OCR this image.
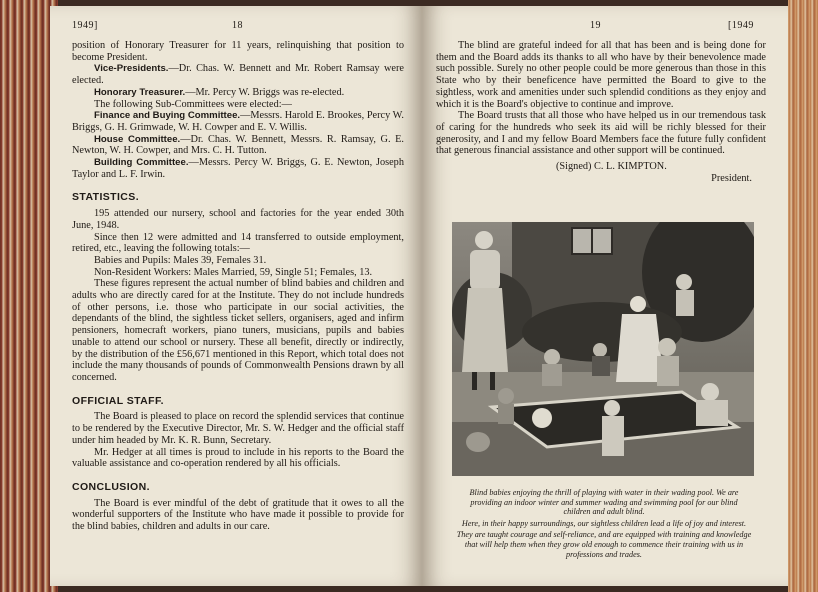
1949]	18

position of Honorary Treasurer for 11 years, relinquishing that position to become President.

Vice-Presidents.—Dr. Chas. W. Bennett and Mr. Robert Ramsay were elected.

Honorary Treasurer.—Mr. Percy W. Briggs was re-elected.

The following Sub-Committees were elected:—

Finance and Buying Committee.—Messrs. Harold E. Brookes, Percy W. Briggs, G. H. Grimwade, W. H. Cowper and E. V. Willis.

House Committee.—Dr. Chas. W. Bennett, Messrs. R. Ramsay, G. E. Newton, W. H. Cowper, and Mrs. C. H. Tutton.

Building Committee.—Messrs. Percy W. Briggs, G. E. Newton, Joseph Taylor and L. F. Irwin.

STATISTICS.

195 attended our nursery, school and factories for the year ended 30th June, 1948.

Since then 12 were admitted and 14 transferred to outside employment, retired, etc., leaving the following totals:—

Babies and Pupils: Males 39, Females 31.

Non-Resident Workers: Males Married, 59, Single 51; Females, 13.

These figures represent the actual number of blind babies and children and adults who are directly cared for at the Institute. They do not include hundreds of other persons, i.e. those who participate in our social activities, the dependants of the blind, the sightless ticket sellers, organisers, aged and infirm pensioners, homecraft workers, piano tuners, musicians, pupils and babies unable to attend our school or nursery. These all benefit, directly or indirectly, by the distribution of the £56,671 mentioned in this Report, which total does not include the many thousands of pounds of Commonwealth Pensions drawn by all concerned.

OFFICIAL STAFF.

The Board is pleased to place on record the splendid services that continue to be rendered by the Executive Director, Mr. S. W. Hedger and the official staff under him headed by Mr. K. R. Bunn, Secretary.

Mr. Hedger at all times is proud to include in his reports to the Board the valuable assistance and co-operation rendered by all his officials.

CONCLUSION.

The Board is ever mindful of the debt of gratitude that it owes to all the wonderful supporters of the Institute who have made it possible to provide for the blind babies, children and adults in our care.

19	[1949

The blind are grateful indeed for all that has been and is being done for them and the Board adds its thanks to all who have by their benevolence made such possible. Surely no other people could be more generous than those in this State who by their beneficence have permitted the Board to give to the sightless, work and amenities under such splendid conditions as they enjoy and which it is the Board's objective to continue and improve.

The Board trusts that all those who have helped us in our tremendous task of caring for the hundreds who seek its aid will be richly blessed for their generosity, and I and my fellow Board Members face the future fully confident that generous financial assistance and other support will be continued.

(Signed) C. L. KIMPTON.

President.

Blind babies enjoying the thrill of playing with water in their wading pool. We are providing an indoor winter and summer wading and swimming pool for our blind children and adult blind.

Here, in their happy surroundings, our sightless children lead a life of joy and interest.

They are taught courage and self-reliance, and are equipped with training and knowledge that will help them when they grow old enough to commence their training with us in professions and trades.
